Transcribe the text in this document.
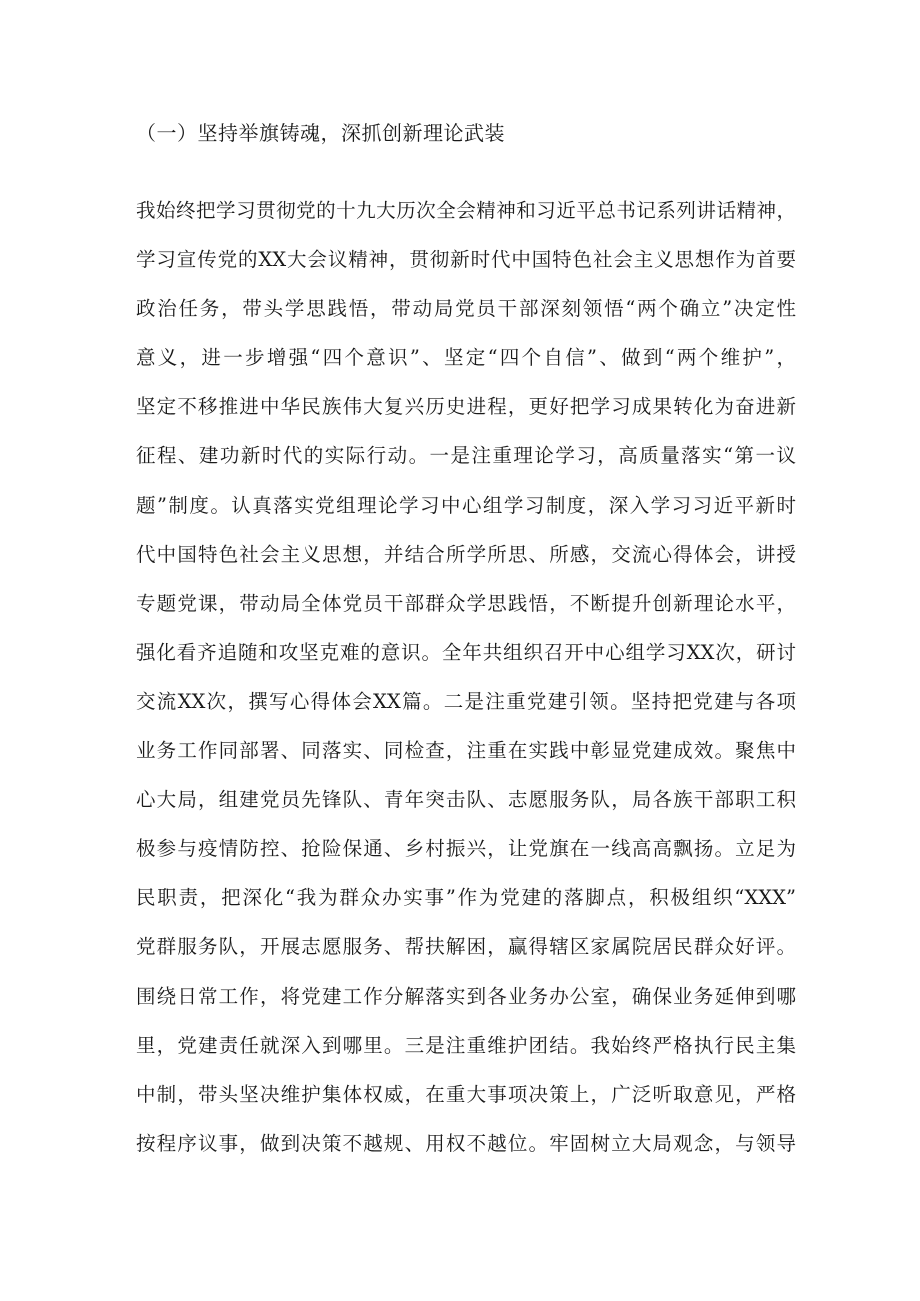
（一）坚持举旗铸魂，深抓创新理论武装
我始终把学习贯彻党的十九大历次全会精神和习近平总书记系列讲话精神，
学习宣传党的XX大会议精神，贯彻新时代中国特色社会主义思想作为首要
政治任务，带头学思践悟，带动局党员干部深刻领悟“两个确立”决定性
意义，进一步增强“四个意识”、坚定“四个自信”、做到“两个维护”，
坚定不移推进中华民族伟大复兴历史进程，更好把学习成果转化为奋进新
征程、建功新时代的实际行动。一是注重理论学习，高质量落实“第一议
题”制度。认真落实党组理论学习中心组学习制度，深入学习习近平新时
代中国特色社会主义思想，并结合所学所思、所感，交流心得体会，讲授
专题党课，带动局全体党员干部群众学思践悟，不断提升创新理论水平，
强化看齐追随和攻坚克难的意识。全年共组织召开中心组学习XX次，研讨
交流XX次，撰写心得体会XX篇。二是注重党建引领。坚持把党建与各项
业务工作同部署、同落实、同检查，注重在实践中彰显党建成效。聚焦中
心大局，组建党员先锋队、青年突击队、志愿服务队，局各族干部职工积
极参与疫情防控、抢险保通、乡村振兴，让党旗在一线高高飘扬。立足为
民职责，把深化“我为群众办实事”作为党建的落脚点，积极组织“XXX”
党群服务队，开展志愿服务、帮扶解困，赢得辖区家属院居民群众好评。
围绕日常工作，将党建工作分解落实到各业务办公室，确保业务延伸到哪
里，党建责任就深入到哪里。三是注重维护团结。我始终严格执行民主集
中制，带头坚决维护集体权威，在重大事项决策上，广泛听取意见，严格
按程序议事，做到决策不越规、用权不越位。牢固树立大局观念，与领导
